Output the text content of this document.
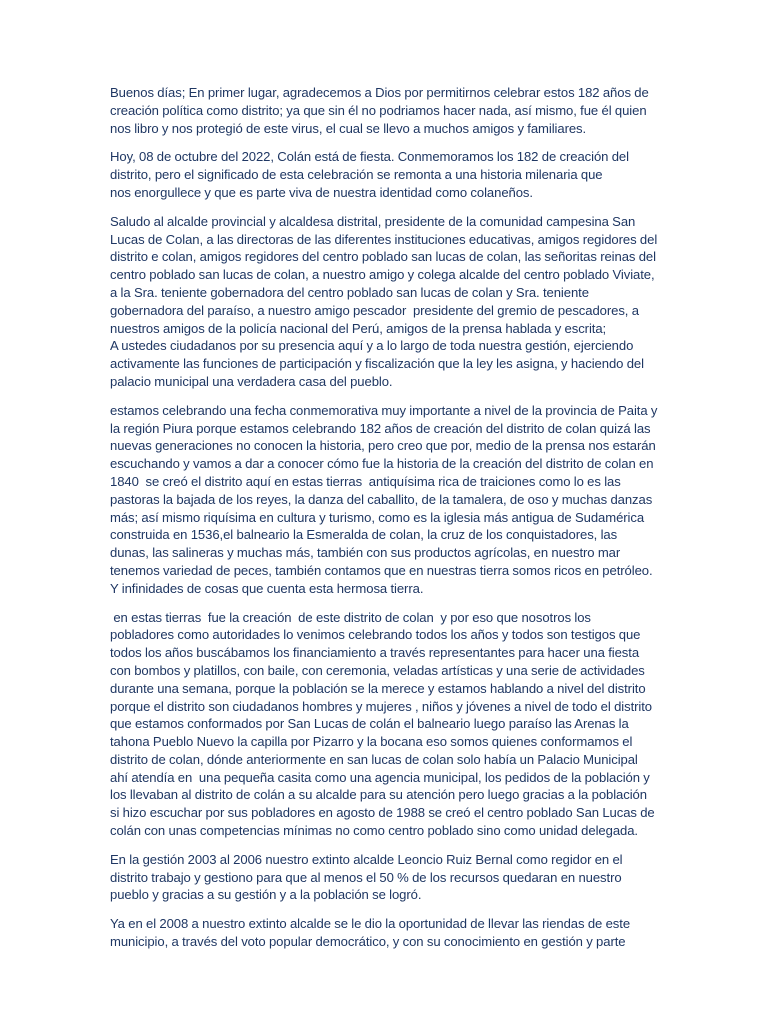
Buenos días; En primer lugar, agradecemos a Dios por permitirnos celebrar estos 182 años de creación política como distrito; ya que sin él no podriamos hacer nada, así mismo, fue él quien nos libro y nos protegió de este virus, el cual se llevo a muchos amigos y familiares.

Hoy, 08 de octubre del 2022, Colán está de fiesta. Conmemoramos los 182 de creación del distrito, pero el significado de esta celebración se remonta a una historia milenaria que
nos enorgullece y que es parte viva de nuestra identidad como colaneños.

Saludo al alcalde provincial y alcaldesa distrital, presidente de la comunidad campesina San Lucas de Colan, a las directoras de las diferentes instituciones educativas, amigos regidores del distrito e colan, amigos regidores del centro poblado san lucas de colan, las señoritas reinas del centro poblado san lucas de colan, a nuestro amigo y colega alcalde del centro poblado Viviate, a la Sra. teniente gobernadora del centro poblado san lucas de colan y Sra. teniente gobernadora del paraíso, a nuestro amigo pescador  presidente del gremio de pescadores, a nuestros amigos de la policía nacional del Perú, amigos de la prensa hablada y escrita;
A ustedes ciudadanos por su presencia aquí y a lo largo de toda nuestra gestión, ejerciendo activamente las funciones de participación y fiscalización que la ley les asigna, y haciendo del palacio municipal una verdadera casa del pueblo.

estamos celebrando una fecha conmemorativa muy importante a nivel de la provincia de Paita y la región Piura porque estamos celebrando 182 años de creación del distrito de colan quizá las nuevas generaciones no conocen la historia, pero creo que por, medio de la prensa nos estarán escuchando y vamos a dar a conocer cómo fue la historia de la creación del distrito de colan en 1840  se creó el distrito aquí en estas tierras  antiquísima rica de traiciones como lo es las pastoras la bajada de los reyes, la danza del caballito, de la tamalera, de oso y muchas danzas más; así mismo riquísima en cultura y turismo, como es la iglesia más antigua de Sudamérica construida en 1536,el balneario la Esmeralda de colan, la cruz de los conquistadores, las dunas, las salineras y muchas más, también con sus productos agrícolas, en nuestro mar tenemos variedad de peces, también contamos que en nuestras tierra somos ricos en petróleo. Y infinidades de cosas que cuenta esta hermosa tierra.

en estas tierras  fue la creación  de este distrito de colan  y por eso que nosotros los pobladores como autoridades lo venimos celebrando todos los años y todos son testigos que todos los años buscábamos los financiamiento a través representantes para hacer una fiesta con bombos y platillos, con baile, con ceremonia, veladas artísticas y una serie de actividades durante una semana, porque la población se la merece y estamos hablando a nivel del distrito porque el distrito son ciudadanos hombres y mujeres , niños y jóvenes a nivel de todo el distrito que estamos conformados por San Lucas de colán el balneario luego paraíso las Arenas la tahona Pueblo Nuevo la capilla por Pizarro y la bocana eso somos quienes conformamos el distrito de colan, dónde anteriormente en san lucas de colan solo había un Palacio Municipal ahí atendía en  una pequeña casita como una agencia municipal, los pedidos de la población y los llevaban al distrito de colán a su alcalde para su atención pero luego gracias a la población si hizo escuchar por sus pobladores en agosto de 1988 se creó el centro poblado San Lucas de colán con unas competencias mínimas no como centro poblado sino como unidad delegada.

En la gestión 2003 al 2006 nuestro extinto alcalde Leoncio Ruiz Bernal como regidor en el distrito trabajo y gestiono para que al menos el 50 % de los recursos quedaran en nuestro pueblo y gracias a su gestión y a la población se logró.

Ya en el 2008 a nuestro extinto alcalde se le dio la oportunidad de llevar las riendas de este municipio, a través del voto popular democrático, y con su conocimiento en gestión y parte
